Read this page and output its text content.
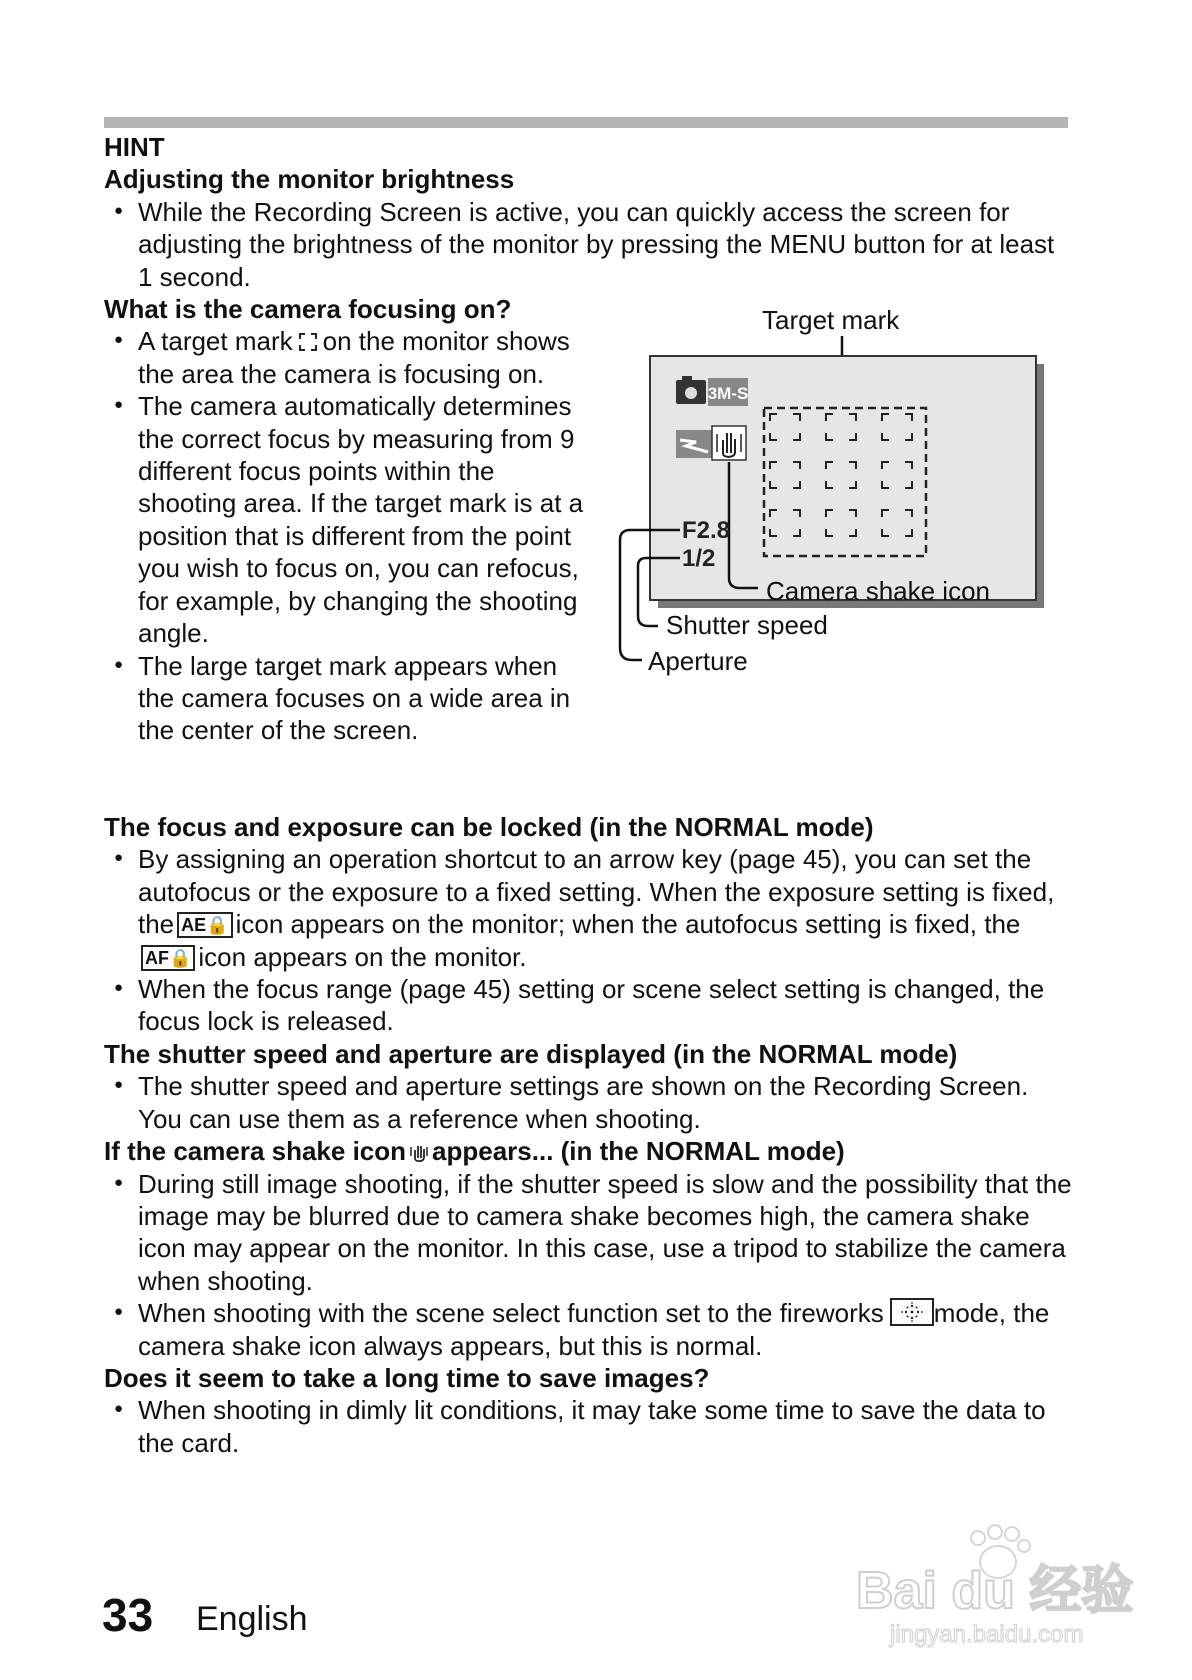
HINT
Adjusting the monitor brightness
● While the Recording Screen is active, you can quickly access the screen for adjusting the brightness of the monitor by pressing the MENU button for at least 1 second.
What is the camera focusing on?
● A target mark on the monitor shows the area the camera is focusing on.
● The camera automatically determines the correct focus by measuring from 9 different focus points within the shooting area. If the target mark is at a position that is different from the point you wish to focus on, you can refocus, for example, by changing the shooting angle.
● The large target mark appears when the camera focuses on a wide area in the center of the screen.
The focus and exposure can be locked (in the NORMAL mode)
● By assigning an operation shortcut to an arrow key (page 45), you can set the autofocus or the exposure to a fixed setting. When the exposure setting is fixed, the AE🔒 icon appears on the monitor; when the autofocus setting is fixed, theAF🔒 icon appears on the monitor.
● When the focus range (page 45) setting or scene select setting is changed, the focus lock is released.
The shutter speed and aperture are displayed (in the NORMAL mode)
● The shutter speed and aperture settings are shown on the Recording Screen. You can use them as a reference when shooting.
If the camera shake icon appears... (in the NORMAL mode)
● During still image shooting, if the shutter speed is slow and the possibility that the image may be blurred due to camera shake becomes high, the camera shake icon may appear on the monitor. In this case, use a tripod to stabilize the camera when shooting.
● When shooting with the scene select function set to the fireworks mode, the camera shake icon always appears, but this is normal.
Does it seem to take a long time to save images?
● When shooting in dimly lit conditions, it may take some time to save the data to the card.
Target mark
3M-S
F2.8
1/2
Camera shake icon
Shutter speed
Aperture
33 English	Bai du 经验
jingyan.baidu.com
